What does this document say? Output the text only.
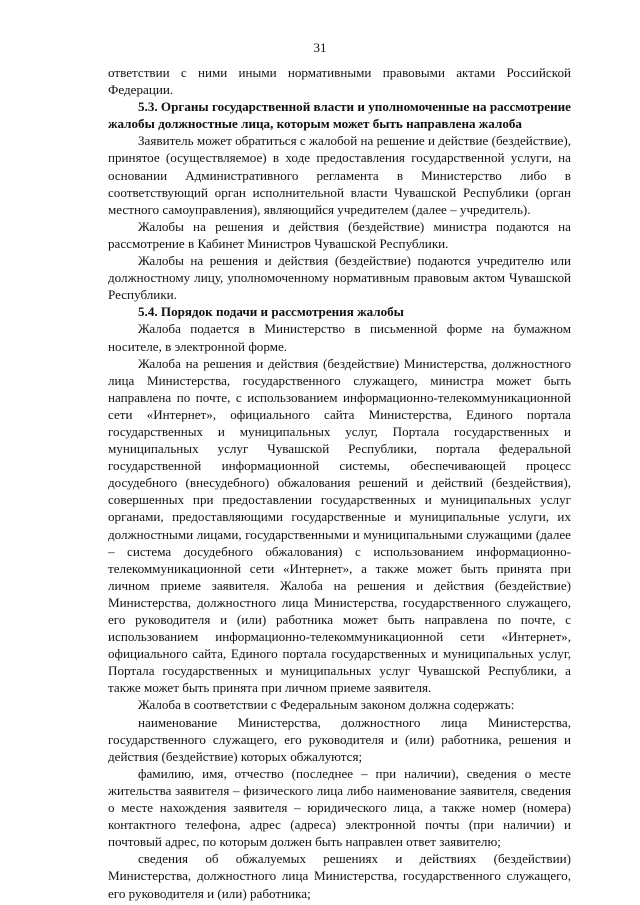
31

ответствии с ними иными нормативными правовыми актами Российской Федерации.

5.3. Органы государственной власти и уполномоченные на рассмотрение жалобы должностные лица, которым может быть направлена жалоба

Заявитель может обратиться с жалобой на решение и действие (бездействие), принятое (осуществляемое) в ходе предоставления государственной услуги, на основании Административного регламента в Министерство либо в соответствующий орган исполнительной власти Чувашской Республики (орган местного самоуправления), являющийся учредителем (далее – учредитель).

Жалобы на решения и действия (бездействие) министра подаются на рассмотрение в Кабинет Министров Чувашской Республики.

Жалобы на решения и действия (бездействие) подаются учредителю или должностному лицу, уполномоченному нормативным правовым актом Чувашской Республики.

5.4. Порядок подачи и рассмотрения жалобы

Жалоба подается в Министерство в письменной форме на бумажном носителе, в электронной форме.

Жалоба на решения и действия (бездействие) Министерства, должностного лица Министерства, государственного служащего, министра может быть направлена по почте, с использованием информационно-телекоммуникационной сети «Интернет», официального сайта Министерства, Единого портала государственных и муниципальных услуг, Портала государственных и муниципальных услуг Чувашской Республики, портала федеральной государственной информационной системы, обеспечивающей процесс досудебного (внесудебного) обжалования решений и действий (бездействия), совершенных при предоставлении государственных и муниципальных услуг органами, предоставляющими государственные и муниципальные услуги, их должностными лицами, государственными и муниципальными служащими (далее – система досудебного обжалования) с использованием информационно-телекоммуникационной сети «Интернет», а также может быть принята при личном приеме заявителя. Жалоба на решения и действия (бездействие) Министерства, должностного лица Министерства, государственного служащего, его руководителя и (или) работника может быть направлена по почте, с использованием информационно-телекоммуникационной сети «Интернет», официального сайта, Единого портала государственных и муниципальных услуг, Портала государственных и муниципальных услуг Чувашской Республики, а также может быть принята при личном приеме заявителя.

Жалоба в соответствии с Федеральным законом должна содержать:

наименование Министерства, должностного лица Министерства, государственного служащего, его руководителя и (или) работника, решения и действия (бездействие) которых обжалуются;

фамилию, имя, отчество (последнее – при наличии), сведения о месте жительства заявителя – физического лица либо наименование заявителя, сведения о месте нахождения заявителя – юридического лица, а также номер (номера) контактного телефона, адрес (адреса) электронной почты (при наличии) и почтовый адрес, по которым должен быть направлен ответ заявителю;

сведения об обжалуемых решениях и действиях (бездействии) Министерства, должностного лица Министерства, государственного служащего, его руководителя и (или) работника;
